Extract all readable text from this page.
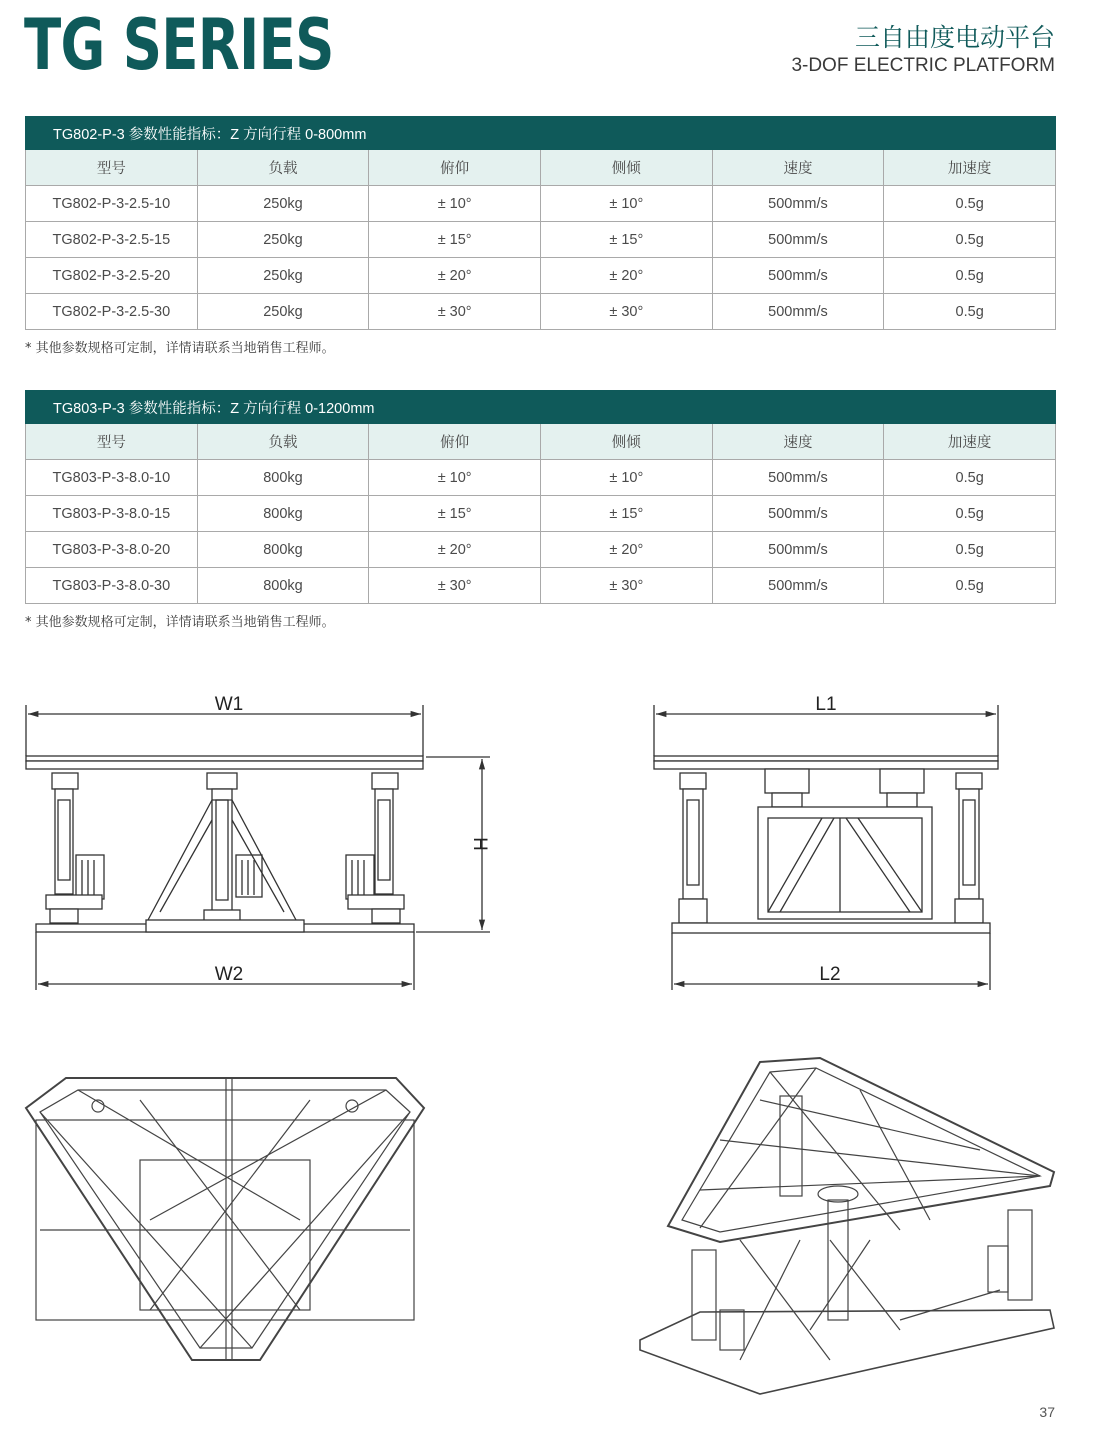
TG SERIES	三自由度电动平台
3-DOF ELECTRIC PLATFORM
TG802-P-3 参数性能指标：Z 方向行程 0-800mm					
型号	负载	俯仰	侧倾	速度	加速度
TG802-P-3-2.5-10	250kg	± 10°	± 10°	500mm/s	0.5g
TG802-P-3-2.5-15	250kg	± 15°	± 15°	500mm/s	0.5g
TG802-P-3-2.5-20	250kg	± 20°	± 20°	500mm/s	0.5g
TG802-P-3-2.5-30	250kg	± 30°	± 30°	500mm/s	0.5g
* 其他参数规格可定制，详情请联系当地销售工程师。
TG803-P-3 参数性能指标：Z 方向行程 0-1200mm					
型号	负载	俯仰	侧倾	速度	加速度
TG803-P-3-8.0-10	800kg	± 10°	± 10°	500mm/s	0.5g
TG803-P-3-8.0-15	800kg	± 15°	± 15°	500mm/s	0.5g
TG803-P-3-8.0-20	800kg	± 20°	± 20°	500mm/s	0.5g
TG803-P-3-8.0-30	800kg	± 30°	± 30°	500mm/s	0.5g
* 其他参数规格可定制，详情请联系当地销售工程师。
W1
W2
H
L1
L2
37
